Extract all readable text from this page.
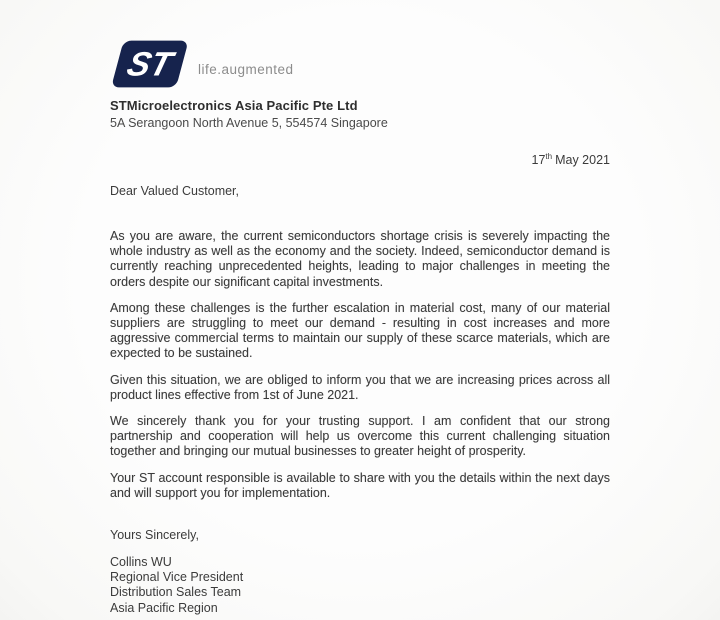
ST life.augmented
STMicroelectronics Asia Pacific Pte Ltd
5A Serangoon North Avenue 5, 554574 Singapore
17th May 2021
Dear Valued Customer,

As you are aware, the current semiconductors shortage crisis is severely impacting the whole industry as well as the economy and the society. Indeed, semiconductor demand is currently reaching unprecedented heights, leading to major challenges in meeting the orders despite our significant capital investments.

Among these challenges is the further escalation in material cost, many of our material suppliers are struggling to meet our demand - resulting in cost increases and more aggressive commercial terms to maintain our supply of these scarce materials, which are expected to be sustained.

Given this situation, we are obliged to inform you that we are increasing prices across all product lines effective from 1st of June 2021.

We sincerely thank you for your trusting support. I am confident that our strong partnership and cooperation will help us overcome this current challenging situation together and bringing our mutual businesses to greater height of prosperity.

Your ST account responsible is available to share with you the details within the next days and will support you for implementation.

Yours Sincerely,
Collins WU
Regional Vice President
Distribution Sales Team
Asia Pacific Region
